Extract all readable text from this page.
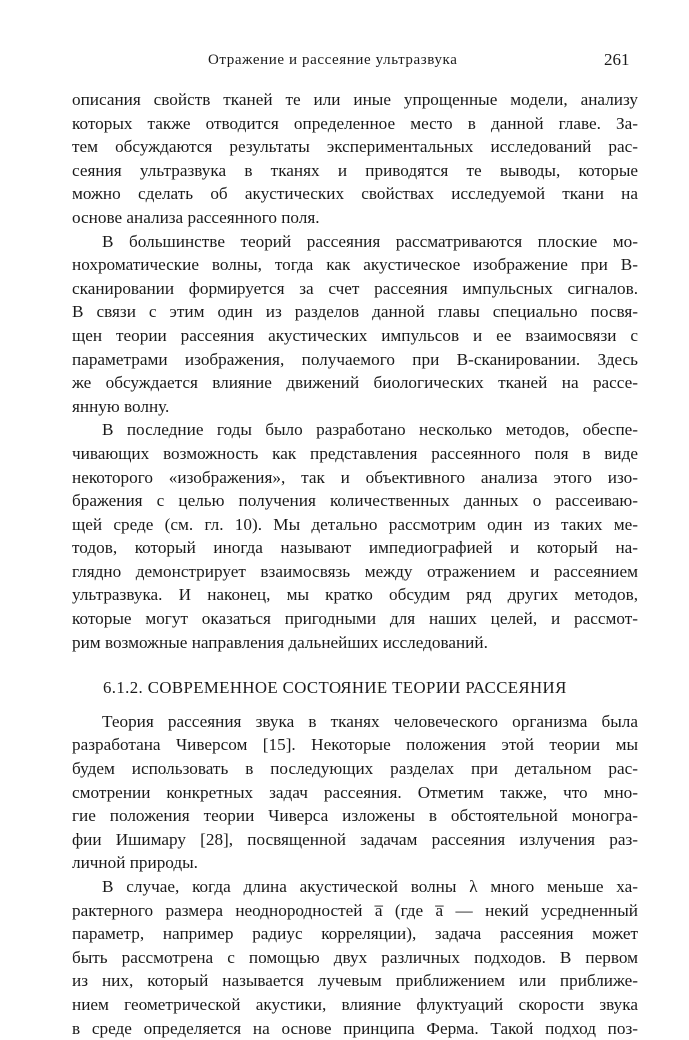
Отражение и рассеяние ультразвука	261
описания свойств тканей те или иные упрощенные модели, анализу
которых также отводится определенное место в данной главе. За-
тем обсуждаются результаты экспериментальных исследований рас-
сеяния ультразвука в тканях и приводятся те выводы, которые
можно сделать об акустических свойствах исследуемой ткани на
основе анализа рассеянного поля.
В большинстве теорий рассеяния рассматриваются плоские мо-
нохроматические волны, тогда как акустическое изображение при В-
сканировании формируется за счет рассеяния импульсных сигналов.
В связи с этим один из разделов данной главы специально посвя-
щен теории рассеяния акустических импульсов и ее взаимосвязи с
параметрами изображения, получаемого при В-сканировании. Здесь
же обсуждается влияние движений биологических тканей на рассе-
янную волну.
В последние годы было разработано несколько методов, обеспе-
чивающих возможность как представления рассеянного поля в виде
некоторого «изображения», так и объективного анализа этого изо-
бражения с целью получения количественных данных о рассеиваю-
щей среде (см. гл. 10). Мы детально рассмотрим один из таких ме-
тодов, который иногда называют импедиографией и который на-
глядно демонстрирует взаимосвязь между отражением и рассеянием
ультразвука. И наконец, мы кратко обсудим ряд других методов,
которые могут оказаться пригодными для наших целей, и рассмот-
рим возможные направления дальнейших исследований.
6.1.2. СОВРЕМЕННОЕ СОСТОЯНИЕ ТЕОРИИ РАССЕЯНИЯ
Теория рассеяния звука в тканях человеческого организма была
разработана Чиверсом [15]. Некоторые положения этой теории мы
будем использовать в последующих разделах при детальном рас-
смотрении конкретных задач рассеяния. Отметим также, что мно-
гие положения теории Чиверса изложены в обстоятельной моногра-
фии Ишимару [28], посвященной задачам рассеяния излучения раз-
личной природы.
В случае, когда длина акустической волны λ много меньше ха-
рактерного размера неоднородностей a̅ (где a̅ — некий усредненный
параметр, например радиус корреляции), задача рассеяния может
быть рассмотрена с помощью двух различных подходов. В первом
из них, который называется лучевым приближением или приближе-
нием геометрической акустики, влияние флуктуаций скорости звука
в среде определяется на основе принципа Ферма. Такой подход поз-
